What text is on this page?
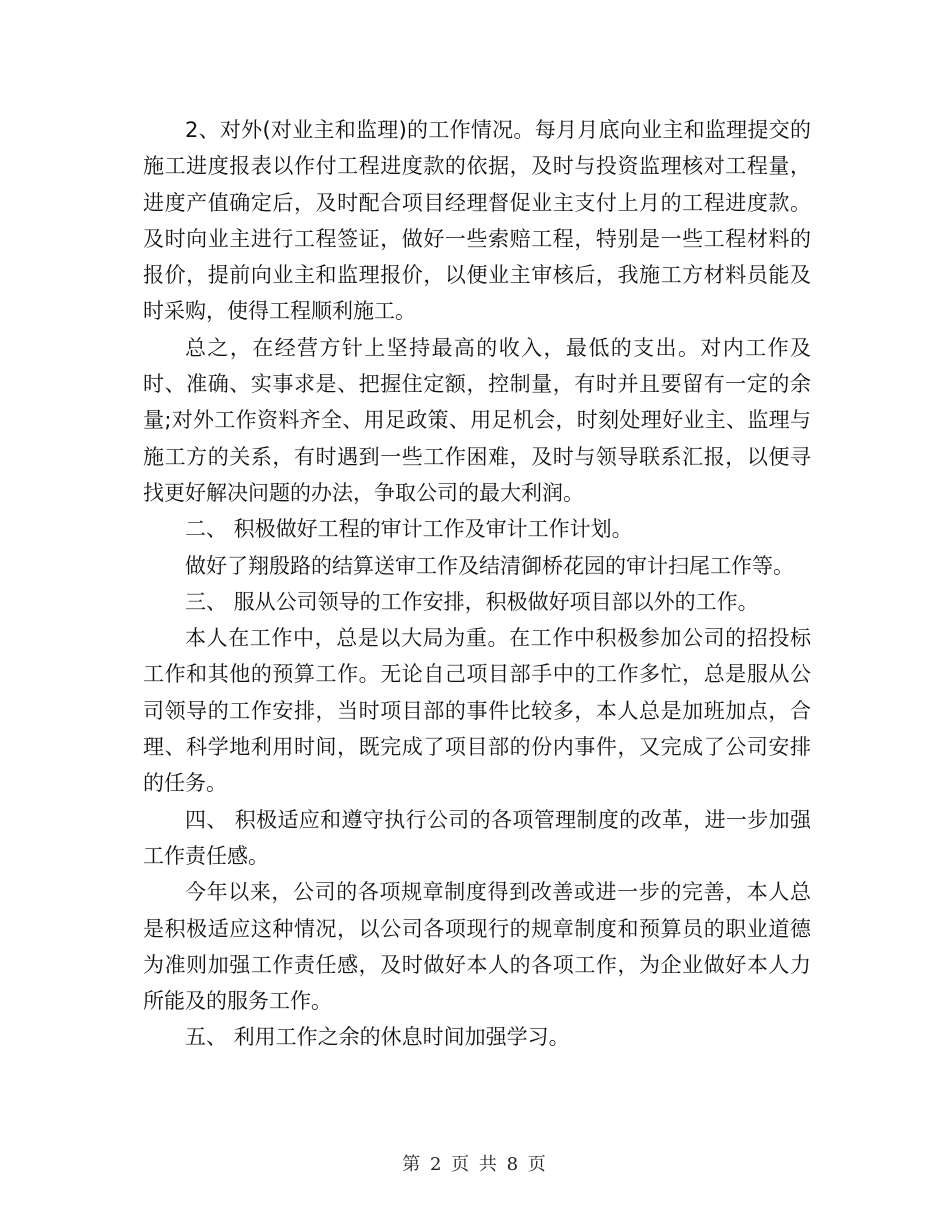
2、对外(对业主和监理)的工作情况。每月月底向业主和监理提交的施工进度报表以作付工程进度款的依据，及时与投资监理核对工程量，进度产值确定后，及时配合项目经理督促业主支付上月的工程进度款。及时向业主进行工程签证，做好一些索赔工程，特别是一些工程材料的报价，提前向业主和监理报价，以便业主审核后，我施工方材料员能及时采购，使得工程顺利施工。

总之，在经营方针上坚持最高的收入，最低的支出。对内工作及时、准确、实事求是、把握住定额，控制量，有时并且要留有一定的余量;对外工作资料齐全、用足政策、用足机会，时刻处理好业主、监理与施工方的关系，有时遇到一些工作困难，及时与领导联系汇报，以便寻找更好解决问题的办法，争取公司的最大利润。

二、 积极做好工程的审计工作及审计工作计划。

做好了翔殷路的结算送审工作及结清御桥花园的审计扫尾工作等。

三、 服从公司领导的工作安排，积极做好项目部以外的工作。

本人在工作中，总是以大局为重。在工作中积极参加公司的招投标工作和其他的预算工作。无论自己项目部手中的工作多忙，总是服从公司领导的工作安排，当时项目部的事件比较多，本人总是加班加点，合理、科学地利用时间，既完成了项目部的份内事件，又完成了公司安排的任务。

四、 积极适应和遵守执行公司的各项管理制度的改革，进一步加强工作责任感。

今年以来，公司的各项规章制度得到改善或进一步的完善，本人总是积极适应这种情况，以公司各项现行的规章制度和预算员的职业道德为准则加强工作责任感，及时做好本人的各项工作，为企业做好本人力所能及的服务工作。

五、 利用工作之余的休息时间加强学习。

第 2 页 共 8 页
